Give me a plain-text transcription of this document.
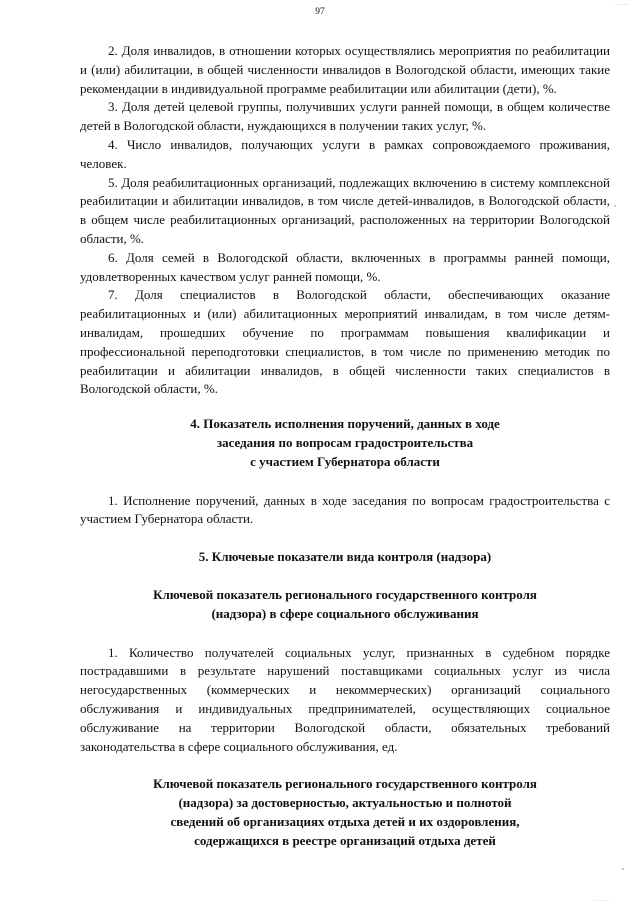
......
97

2. Доля инвалидов, в отношении которых осуществлялись мероприятия по реабилитации и (или) абилитации, в общей численности инвалидов в Вологодской области, имеющих такие рекомендации в индивидуальной программе реабилитации или абилитации (дети), %.

3. Доля детей целевой группы, получивших услуги ранней помощи, в общем количестве детей в Вологодской области, нуждающихся в получении таких услуг, %.

4. Число инвалидов, получающих услуги в рамках сопровождаемого проживания, человек.

5. Доля реабилитационных организаций, подлежащих включению в систему комплексной реабилитации и абилитации инвалидов, в том числе детей-инвалидов, в Вологодской области, в общем числе реабилитационных организаций, расположенных на территории Вологодской области, %.

6. Доля семей в Вологодской области, включенных в программы ранней помощи, удовлетворенных качеством услуг ранней помощи, %.

7. Доля специалистов в Вологодской области, обеспечивающих оказание реабилитационных и (или) абилитационных мероприятий инвалидам, в том числе детям-инвалидам, прошедших обучение по программам повышения квалификации и профессиональной переподготовки специалистов, в том числе по применению методик по реабилитации и абилитации инвалидов, в общей численности таких специалистов в Вологодской области, %.

4. Показатель исполнения поручений, данных в ходе
заседания по вопросам градостроительства
с участием Губернатора области

1. Исполнение поручений, данных в ходе заседания по вопросам градостроительства с участием Губернатора области.

5. Ключевые показатели вида контроля (надзора)
Ключевой показатель регионального государственного контроля
(надзора) в сфере социального обслуживания

1. Количество получателей социальных услуг, признанных в судебном порядке пострадавшими в результате нарушений поставщиками социальных услуг из числа негосударственных (коммерческих и некоммерческих) организаций социального обслуживания и индивидуальных предпринимателей, осуществляющих социальное обслуживание на территории Вологодской области, обязательных требований законодательства в сфере социального обслуживания, ед.

Ключевой показатель регионального государственного контроля
(надзора) за достоверностью, актуальностью и полнотой
сведений об организациях отдыха детей и их оздоровления,
содержащихся в реестре организаций отдыха детей
......
